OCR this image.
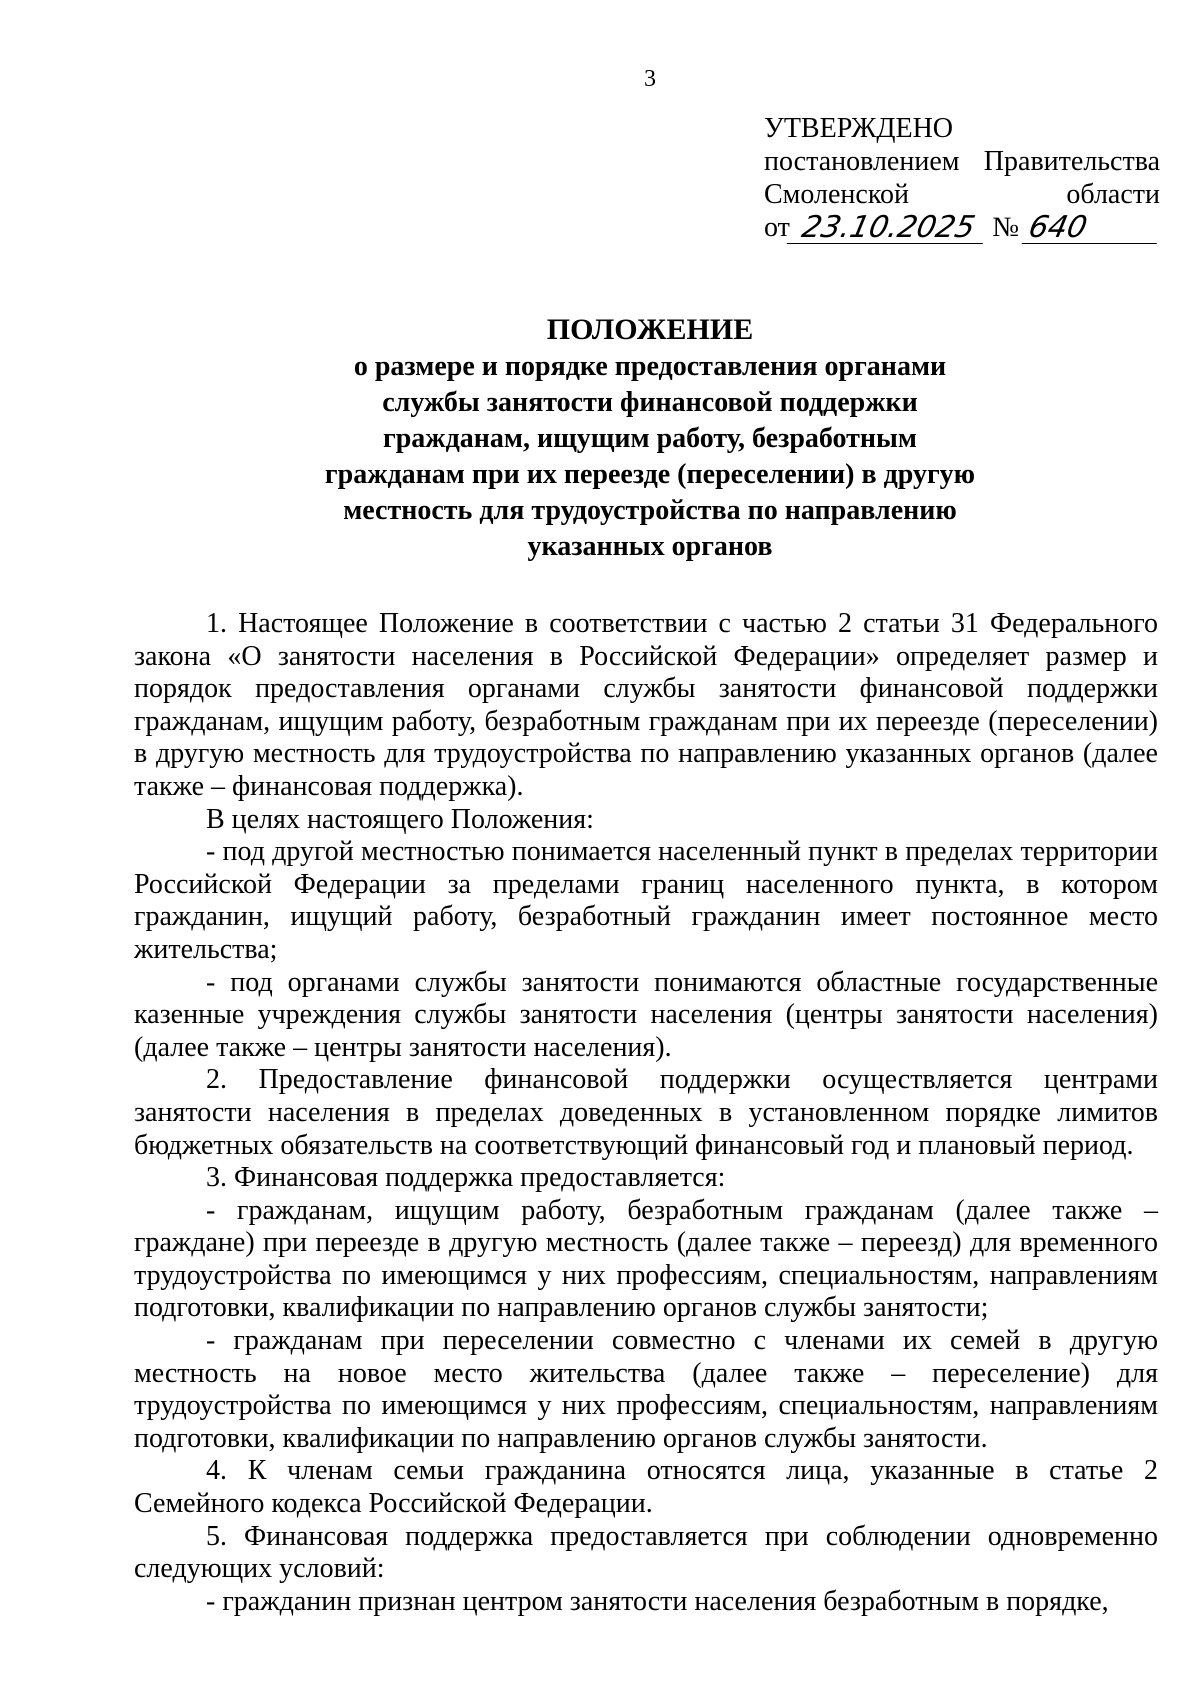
3
УТВЕРЖДЕНО
постановлением Правительства
Смоленской	области
от 23.10.2025 № 640
ПОЛОЖЕНИЕ
о размере и порядке предоставления органами
службы занятости финансовой поддержки
гражданам, ищущим работу, безработным
гражданам при их переезде (переселении) в другую
местность для трудоустройства по направлению
указанных органов

1. Настоящее Положение в соответствии с частью 2 статьи 31 Федерального закона «О занятости населения в Российской Федерации» определяет размер и порядок предоставления органами службы занятости финансовой поддержки гражданам, ищущим работу, безработным гражданам при их переезде (переселении) в другую местность для трудоустройства по направлению указанных органов (далее также – финансовая поддержка).

В целях настоящего Положения:

- под другой местностью понимается населенный пункт в пределах территории Российской Федерации за пределами границ населенного пункта, в котором гражданин, ищущий работу, безработный гражданин имеет постоянное место жительства;

- под органами службы занятости понимаются областные государственные казенные учреждения службы занятости населения (центры занятости населения) (далее также – центры занятости населения).

2. Предоставление финансовой поддержки осуществляется центрами занятости населения в пределах доведенных в установленном порядке лимитов бюджетных обязательств на соответствующий финансовый год и плановый период.

3. Финансовая поддержка предоставляется:

- гражданам, ищущим работу, безработным гражданам (далее также – граждане) при переезде в другую местность (далее также – переезд) для временного трудоустройства по имеющимся у них профессиям, специальностям, направлениям подготовки, квалификации по направлению органов службы занятости;

- гражданам при переселении совместно с членами их семей в другую местность на новое место жительства (далее также – переселение) для трудоустройства по имеющимся у них профессиям, специальностям, направлениям подготовки, квалификации по направлению органов службы занятости.

4. К членам семьи гражданина относятся лица, указанные в статье 2 Семейного кодекса Российской Федерации.

5. Финансовая поддержка предоставляется при соблюдении одновременно следующих условий:

- гражданин признан центром занятости населения безработным в порядке,
